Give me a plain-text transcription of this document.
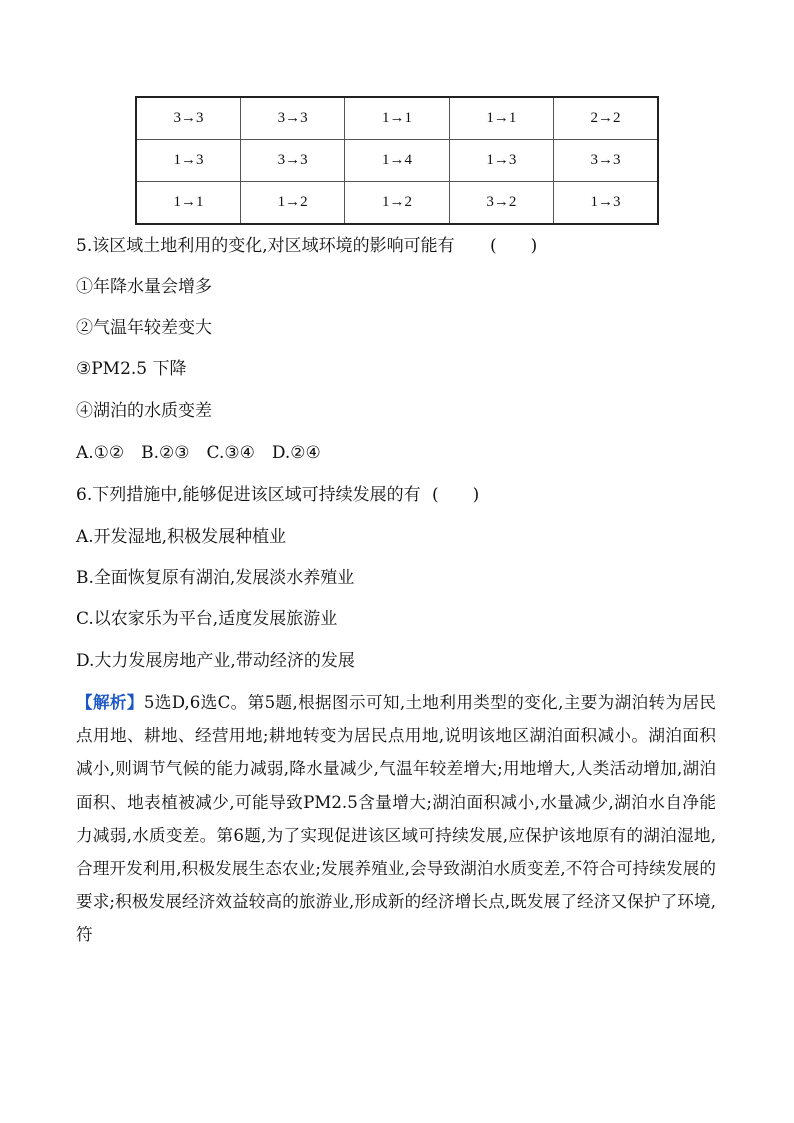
3→3	3→3	1→1	1→1	2→2
1→3	3→3	1→4	1→3	3→3
1→1	1→2	1→2	3→2	1→3
5.该区域土地利用的变化,对区域环境的影响可能有 (　　)
①年降水量会增多
②气温年较差变大
③PM2.5 下降
④湖泊的水质变差
A.①②　B.②③　C.③④　D.②④
6.下列措施中,能够促进该区域可持续发展的有 (　　)
A.开发湿地,积极发展种植业
B.全面恢复原有湖泊,发展淡水养殖业
C.以农家乐为平台,适度发展旅游业
D.大力发展房地产业,带动经济的发展
【解析】5选D,6选C。第5题,根据图示可知,土地利用类型的变化,主要为湖泊转为居民点用地、耕地、经营用地;耕地转变为居民点用地,说明该地区湖泊面积减小。湖泊面积减小,则调节气候的能力减弱,降水量减少,气温年较差增大;用地增大,人类活动增加,湖泊面积、地表植被减少,可能导致PM2.5含量增大;湖泊面积减小,水量减少,湖泊水自净能力减弱,水质变差。第6题,为了实现促进该区域可持续发展,应保护该地原有的湖泊湿地,合理开发利用,积极发展生态农业;发展养殖业,会导致湖泊水质变差,不符合可持续发展的要求;积极发展经济效益较高的旅游业,形成新的经济增长点,既发展了经济又保护了环境,符
